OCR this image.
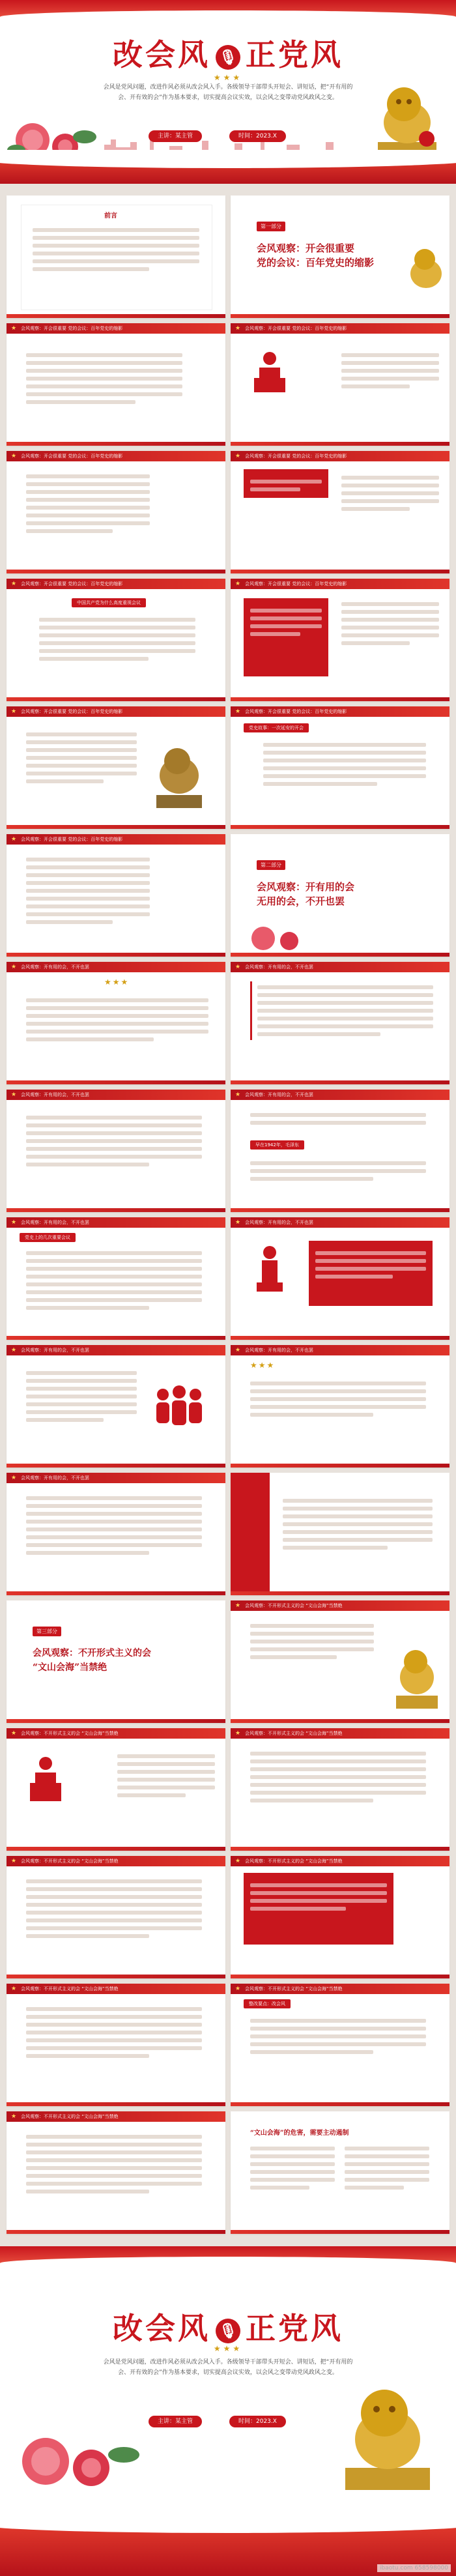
改会风 🎙 正党风
★★★
会风是党风问题，改进作风必须从改会风入手。各级领导干部带头开短会、讲短话，把“开有用的会、开有效的会”作为基本要求，切实提高会议实效，以会风之变带动党风政风之变。
主讲：某主管	时间：2023.X
前言
第一部分
会风观察：开会很重要
党的会议：百年党史的缩影
★ 会风观察：开会很重要 党的会议：百年党史的缩影	★ 会风观察：开会很重要 党的会议：百年党史的缩影
★ 会风观察：开会很重要 党的会议：百年党史的缩影	★ 会风观察：开会很重要 党的会议：百年党史的缩影
★ 会风观察：开会很重要 党的会议：百年党史的缩影
中国共产党为什么高度重视会议
★ 会风观察：开会很重要 党的会议：百年党史的缩影
★ 会风观察：开会很重要 党的会议：百年党史的缩影	★ 会风观察：开会很重要 党的会议：百年党史的缩影
党史故事：一次延安的开会
★ 会风观察：开会很重要 党的会议：百年党史的缩影
第二部分
会风观察：开有用的会
无用的会，不开也罢
★ 会风观察：开有用的会，不开也罢
★★★
★ 会风观察：开有用的会，不开也罢
★ 会风观察：开有用的会，不开也罢	★ 会风观察：开有用的会，不开也罢
早在1942年，毛泽东
★ 会风观察：开有用的会，不开也罢
党史上的几次重要会议
★ 会风观察：开有用的会，不开也罢
★ 会风观察：开有用的会，不开也罢	★ 会风观察：开有用的会，不开也罢
★★★
★ 会风观察：开有用的会，不开也罢
第三部分
会风观察：不开形式主义的会
“文山会海”当禁绝
★ 会风观察：不开形式主义的会 “文山会海”当禁绝
★ 会风观察：不开形式主义的会 “文山会海”当禁绝	★ 会风观察：不开形式主义的会 “文山会海”当禁绝
★ 会风观察：不开形式主义的会 “文山会海”当禁绝	★ 会风观察：不开形式主义的会 “文山会海”当禁绝
★ 会风观察：不开形式主义的会 “文山会海”当禁绝	★ 会风观察：不开形式主义的会 “文山会海”当禁绝
整改要点：改会风
★ 会风观察：不开形式主义的会 “文山会海”当禁绝
“文山会海”的危害，需要主动遏制
改会风 🎙 正党风
★★★
会风是党风问题，改进作风必须从改会风入手。各级领导干部带头开短会、讲短话，把“开有用的会、开有效的会”作为基本要求，切实提高会议实效，以会风之变带动党风政风之变。
主讲：某主管	时间：2023.X
ibaotu.com 658598000
